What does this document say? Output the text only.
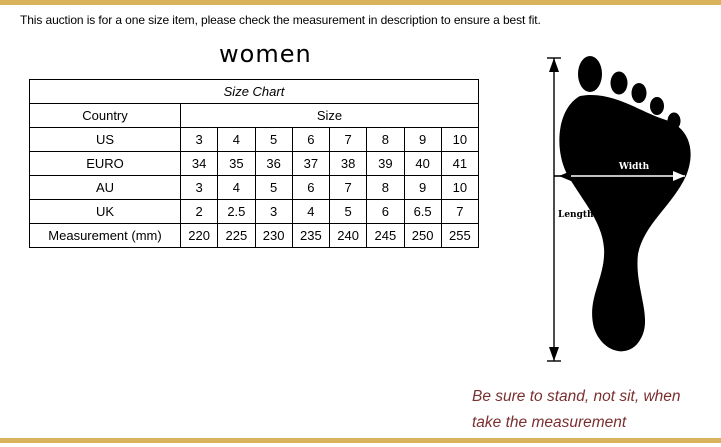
This auction is for a one size item, please check the measurement in description to ensure a best fit.
women
Size Chart								
Country	Size							
US	3	4	5	6	7	8	9	10
EURO	34	35	36	37	38	39	40	41
AU	3	4	5	6	7	8	9	10
UK	2	2.5	3	4	5	6	6.5	7
Measurement (mm)	220	225	230	235	240	245	250	255
Width
Length
Be sure to stand, not sit, when
take the measurement
